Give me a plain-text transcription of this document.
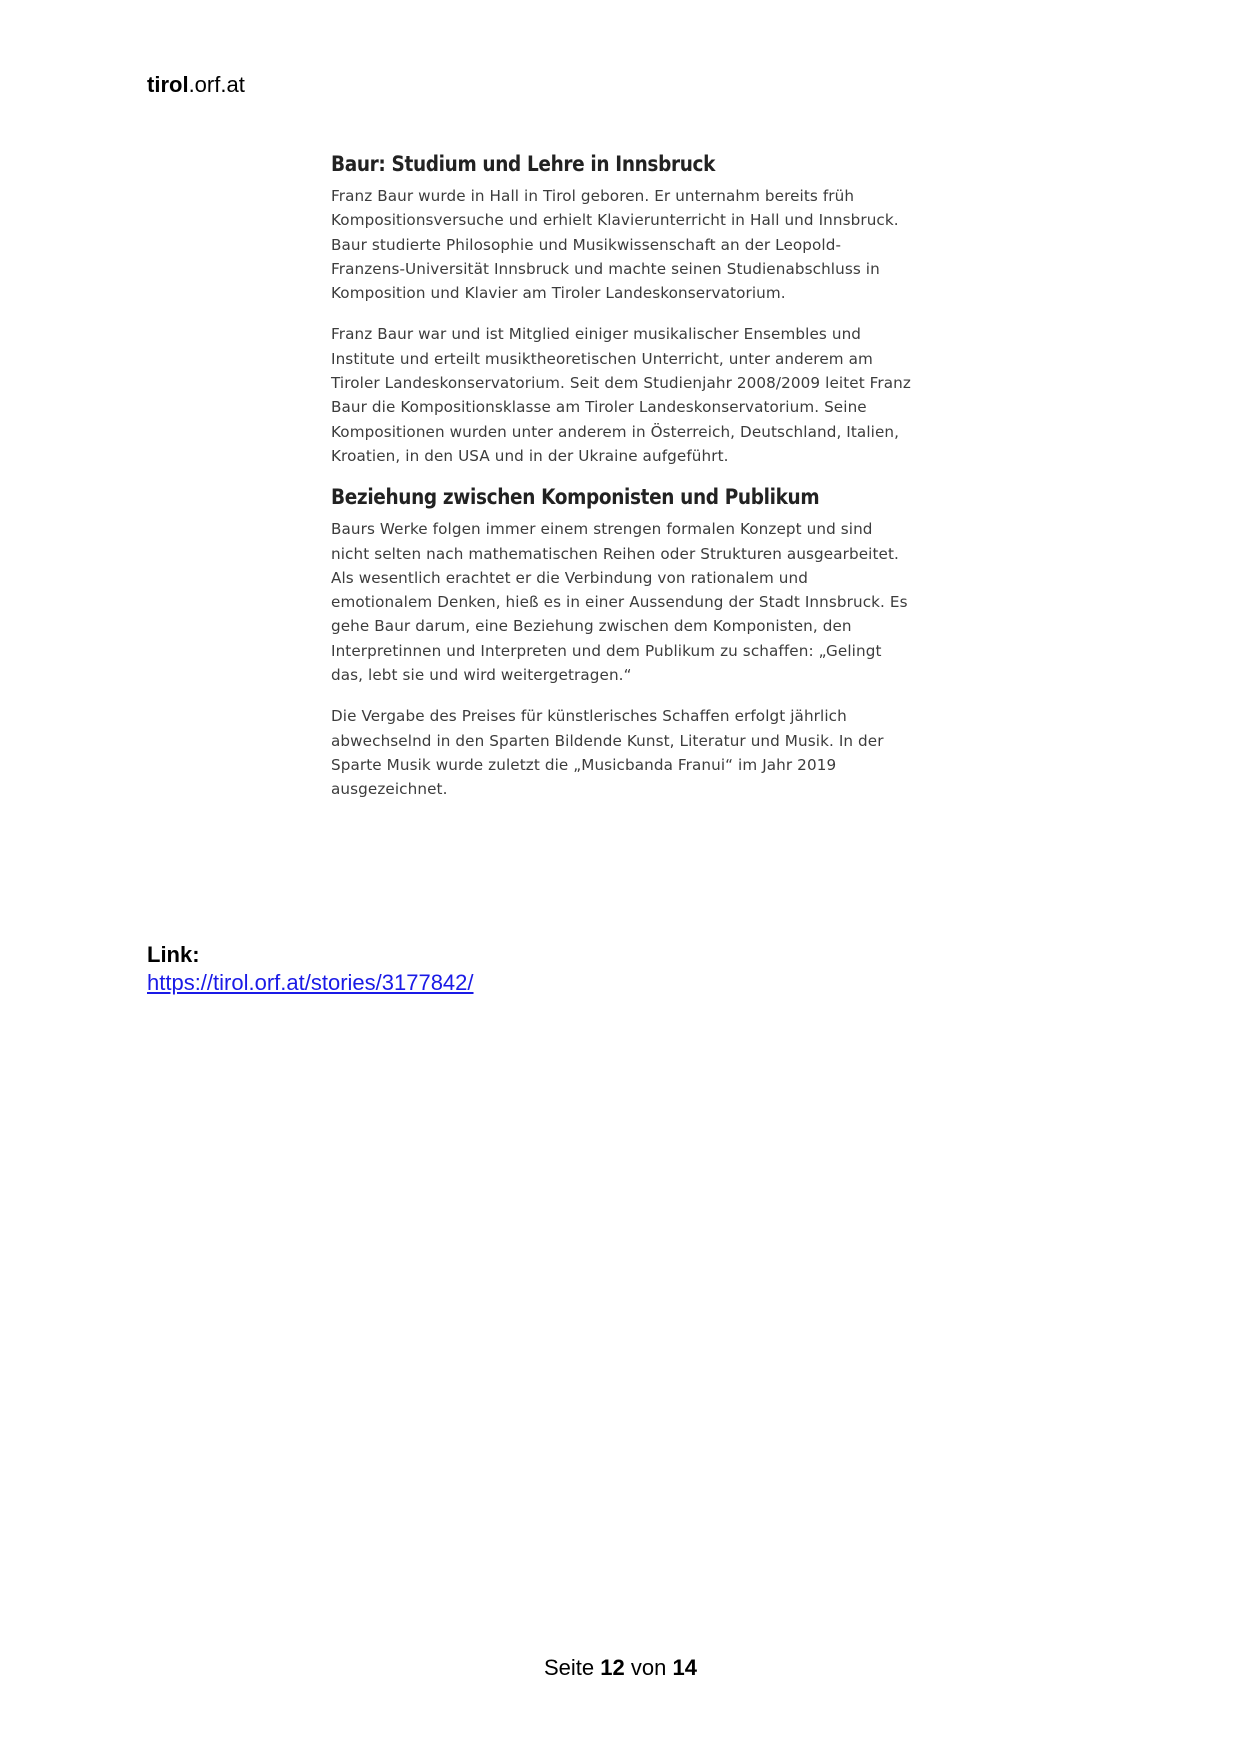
tirol.orf.at
Baur: Studium und Lehre in Innsbruck

Franz Baur wurde in Hall in Tirol geboren. Er unternahm bereits früh Kompositionsversuche und erhielt Klavierunterricht in Hall und Innsbruck. Baur studierte Philosophie und Musikwissenschaft an der Leopold-Franzens-Universität Innsbruck und machte seinen Studienabschluss in Komposition und Klavier am Tiroler Landeskonservatorium.

Franz Baur war und ist Mitglied einiger musikalischer Ensembles und Institute und erteilt musiktheoretischen Unterricht, unter anderem am Tiroler Landeskonservatorium. Seit dem Studienjahr 2008/2009 leitet Franz Baur die Kompositionsklasse am Tiroler Landeskonservatorium. Seine Kompositionen wurden unter anderem in Österreich, Deutschland, Italien, Kroatien, in den USA und in der Ukraine aufgeführt.

Beziehung zwischen Komponisten und Publikum

Baurs Werke folgen immer einem strengen formalen Konzept und sind nicht selten nach mathematischen Reihen oder Strukturen ausgearbeitet. Als wesentlich erachtet er die Verbindung von rationalem und emotionalem Denken, hieß es in einer Aussendung der Stadt Innsbruck. Es gehe Baur darum, eine Beziehung zwischen dem Komponisten, den Interpretinnen und Interpreten und dem Publikum zu schaffen: „Gelingt das, lebt sie und wird weitergetragen.“

Die Vergabe des Preises für künstlerisches Schaffen erfolgt jährlich abwechselnd in den Sparten Bildende Kunst, Literatur und Musik. In der Sparte Musik wurde zuletzt die „Musicbanda Franui“ im Jahr 2019 ausgezeichnet.

Link:
https://tirol.orf.at/stories/3177842/
Seite 12 von 14
